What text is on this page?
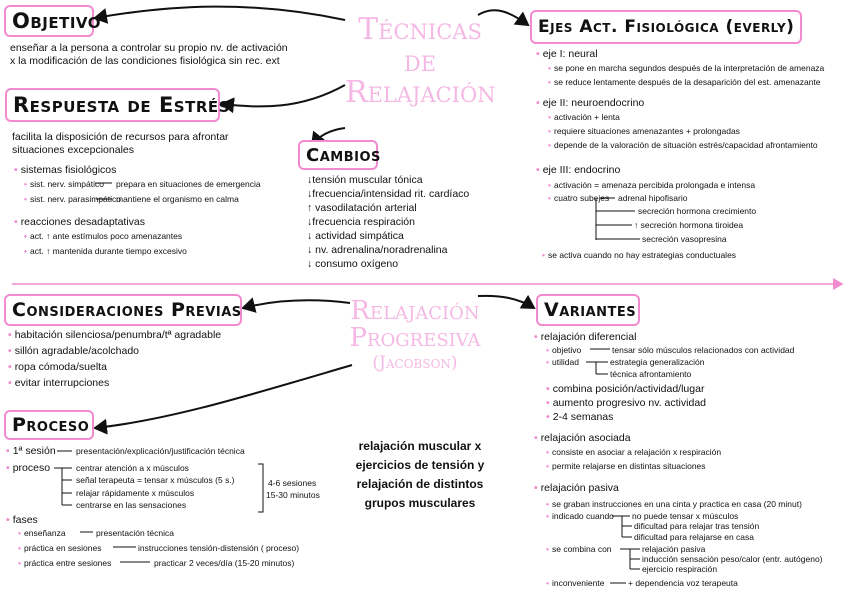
Técnicas de
Relajación
Relajación
Progresiva
(Jacobson)
Objetivo
enseñar a la persona a controlar su propio nv. de activación
x la modificación de las condiciones fisiológica sin rec. ext
Respuesta de Estrés
facilita la disposición de recursos para afrontar
situaciones excepcionales
• sistemas fisiológicos
• sist. nerv. simpático prepara en situaciones de emergencia
• sist. nerv. parasimpático
mantiene el organismo en calma
• reacciones desadaptativas
• act. ↑ ante estímulos poco amenazantes
• act. ↑ mantenida durante tiempo excesivo
Cambios
↓tensión muscular tónica
↓frecuencia/intensidad rit. cardíaco
↑ vasodilatación arterial
↓frecuencia respiración
↓ actividad simpática
↓ nv. adrenalina/noradrenalina
↓ consumo oxígeno
Ejes Act. Fisiológica (everly)
• eje I: neural
• se pone en marcha segundos después de la interpretación de amenaza
• se reduce lentamente después de la desaparición del est. amenazante
• eje II: neuroendocrino
• activación + lenta
• requiere situaciones amenazantes + prolongadas
• depende de la valoración de situación estrés/capacidad afrontamiento
• eje III: endocrino
• activación = amenaza percibida prolongada e intensa
• cuatro subejes adrenal hipofisario
secreción hormona crecimiento
↑ secreción hormona tiroidea
secreción vasopresina
• se activa cuando no hay estrategias conductuales
Consideraciones Previas
• habitación silenciosa/penumbra/tª agradable
• sillón agradable/acolchado
• ropa cómoda/suelta
• evitar interrupciones
Proceso
• 1ª sesión presentación/explicación/justificación técnica
• proceso	centrar atención a x músculos
señal terapeuta = tensar x músculos (5 s.)
relajar rápidamente x músculos
centrarse en las sensaciones
4-6 sesiones
15-30 minutos
• fases
• enseñanza	presentación técnica
• práctica en sesiones	instrucciones tensión-distensión ( proceso)
• práctica entre sesiones	practicar 2 veces/día (15-20 minutos)
relajación muscular x
ejercicios de tensión y
relajación de distintos
grupos musculares
Variantes
• relajación diferencial
• objetivo	tensar sólo músculos relacionados con actividad
• utilidad	estrategia generalización
técnica afrontamiento
• combina posición/actividad/lugar
• aumento progresivo nv. actividad
• 2-4 semanas
• relajación asociada
• consiste en asociar a relajación x respiración
• permite relajarse en distintas situaciones
• relajación pasiva
• se graban instrucciones en una cinta y practica en casa (20 minut)
• indicado cuando no puede tensar x músculos
dificultad para relajar tras tensión
dificultad para relajarse en casa
• se combina con	relajación pasiva
inducción sensación peso/calor (entr. autógeno)
ejercicio respiración
• inconveniente	+ dependencia voz terapeuta
